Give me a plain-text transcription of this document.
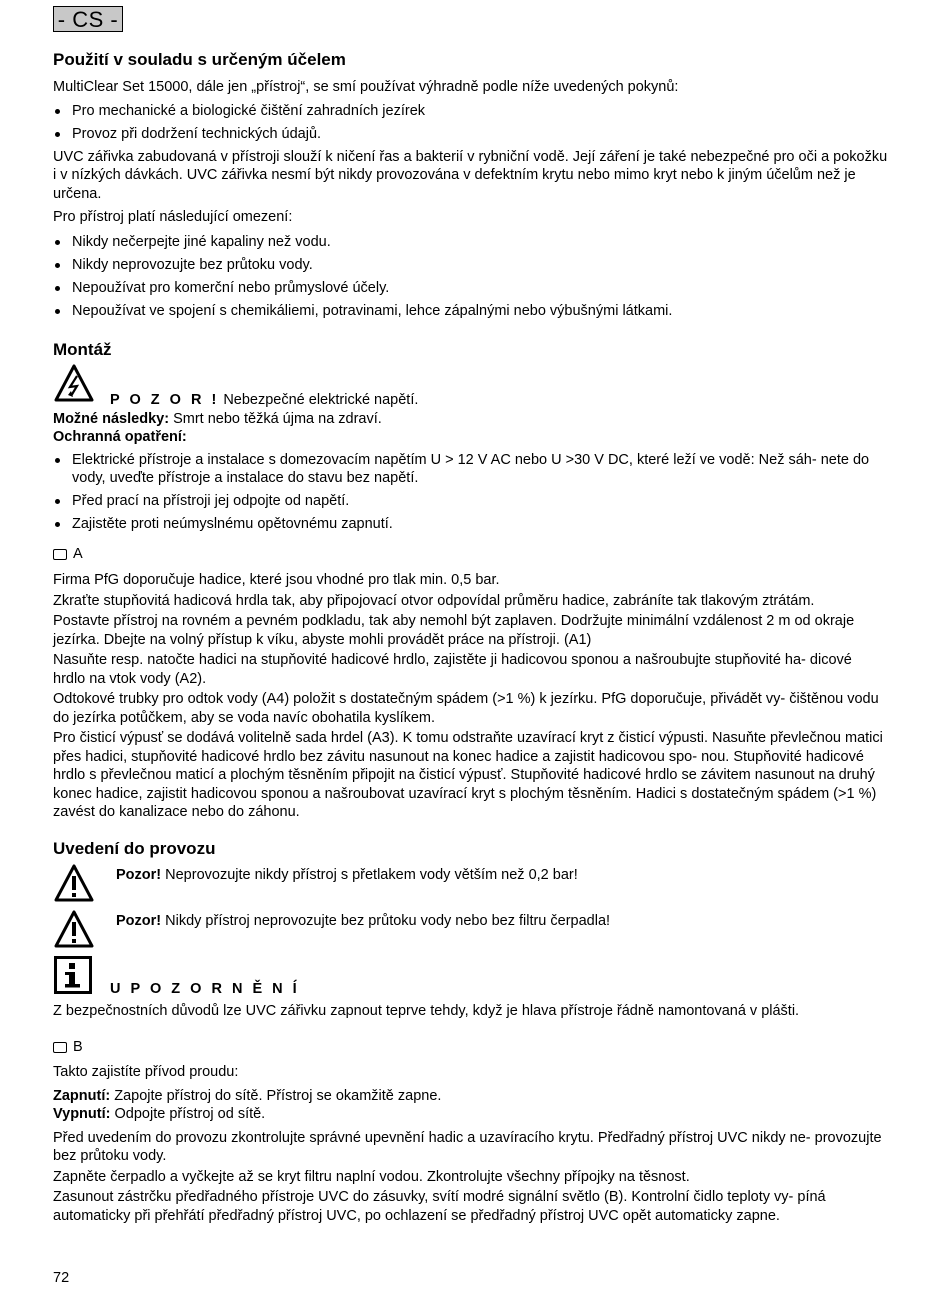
- CS -
Použití v souladu s určeným účelem

MultiClear Set 15000, dále jen „přístroj“, se smí používat výhradně podle níže uvedených pokynů:

Pro mechanické a biologické čištění zahradních jezírek
Provoz při dodržení technických údajů.

UVC zářivka zabudovaná v přístroji slouží k ničení řas a bakterií v rybniční vodě. Její záření je také nebezpečné pro oči a pokožku i v nízkých dávkách. UVC zářivka nesmí být nikdy provozována v defektním krytu nebo mimo kryt nebo k jiným účelům než je určena.

Pro přístroj platí následující omezení:

Nikdy nečerpejte jiné kapaliny než vodu.
Nikdy neprovozujte bez průtoku vody.
Nepoužívat pro komerční nebo průmyslové účely.
Nepoužívat ve spojení s chemikáliemi, potravinami, lehce zápalnými nebo výbušnými látkami.
Montáž

P O Z O R ! Nebezpečné elektrické napětí.

Možné následky: Smrt nebo těžká újma na zdraví.

Ochranná opatření:

Elektrické přístroje a instalace s domezovacím napětím U > 12 V AC nebo U >30 V DC, které leží ve vodě: Než sáh- nete do vody, uveďte přístroje a instalace do stavu bez napětí.
Před prací na přístroji jej odpojte od napětí.
Zajistěte proti neúmyslnému opětovnému zapnutí.
A

Firma PfG doporučuje hadice, které jsou vhodné pro tlak min. 0,5 bar.

Zkraťte stupňovitá hadicová hrdla tak, aby připojovací otvor odpovídal průměru hadice, zabráníte tak tlakovým ztrátám.

Postavte přístroj na rovném a pevném podkladu, tak aby nemohl být zaplaven. Dodržujte minimální vzdálenost 2 m od okraje jezírka. Dbejte na volný přístup k víku, abyste mohli provádět práce na přístroji. (A1)

Nasuňte resp. natočte hadici na stupňovité hadicové hrdlo, zajistěte ji hadicovou sponou a našroubujte stupňovité ha- dicové hrdlo na vtok vody (A2).

Odtokové trubky pro odtok vody (A4) položit s dostatečným spádem (>1 %) k jezírku. PfG doporučuje, přivádět vy- čištěnou vodu do jezírka potůčkem, aby se voda navíc obohatila kyslíkem.

Pro čisticí výpusť se dodává volitelně sada hrdel (A3). K tomu odstraňte uzavírací kryt z čisticí výpusti. Nasuňte převlečnou matici přes hadici, stupňovité hadicové hrdlo bez závitu nasunout na konec hadice a zajistit hadicovou spo- nou. Stupňovité hadicové hrdlo s převlečnou maticí a plochým těsněním připojit na čisticí výpusť. Stupňovité hadicové hrdlo se závitem nasunout na druhý konec hadice, zajistit hadicovou sponou a našroubovat uzavírací kryt s plochým těsněním. Hadici s dostatečným spádem (>1 %) zavést do kanalizace nebo do záhonu.

Uvedení do provozu

Pozor! Neprovozujte nikdy přístroj s přetlakem vody větším než 0,2 bar!

Pozor! Nikdy přístroj neprovozujte bez průtoku vody nebo bez filtru čerpadla!

U P O Z O R N Ě N Í

Z bezpečnostních důvodů lze UVC zářivku zapnout teprve tehdy, když je hlava přístroje řádně namontovaná v plášti.

B

Takto zajistíte přívod proudu:

Zapnutí: Zapojte přístroj do sítě. Přístroj se okamžitě zapne.

Vypnutí: Odpojte přístroj od sítě.

Před uvedením do provozu zkontrolujte správné upevnění hadic a uzavíracího krytu. Předřadný přístroj UVC nikdy ne- provozujte bez průtoku vody.

Zapněte čerpadlo a vyčkejte až se kryt filtru naplní vodou. Zkontrolujte všechny přípojky na těsnost.

Zasunout zástrčku předřadného přístroje UVC do zásuvky, svítí modré signální světlo (B). Kontrolní čidlo teploty vy- píná automaticky při přehřátí předřadný přístroj UVC, po ochlazení se předřadný přístroj UVC opět automaticky zapne.

72
